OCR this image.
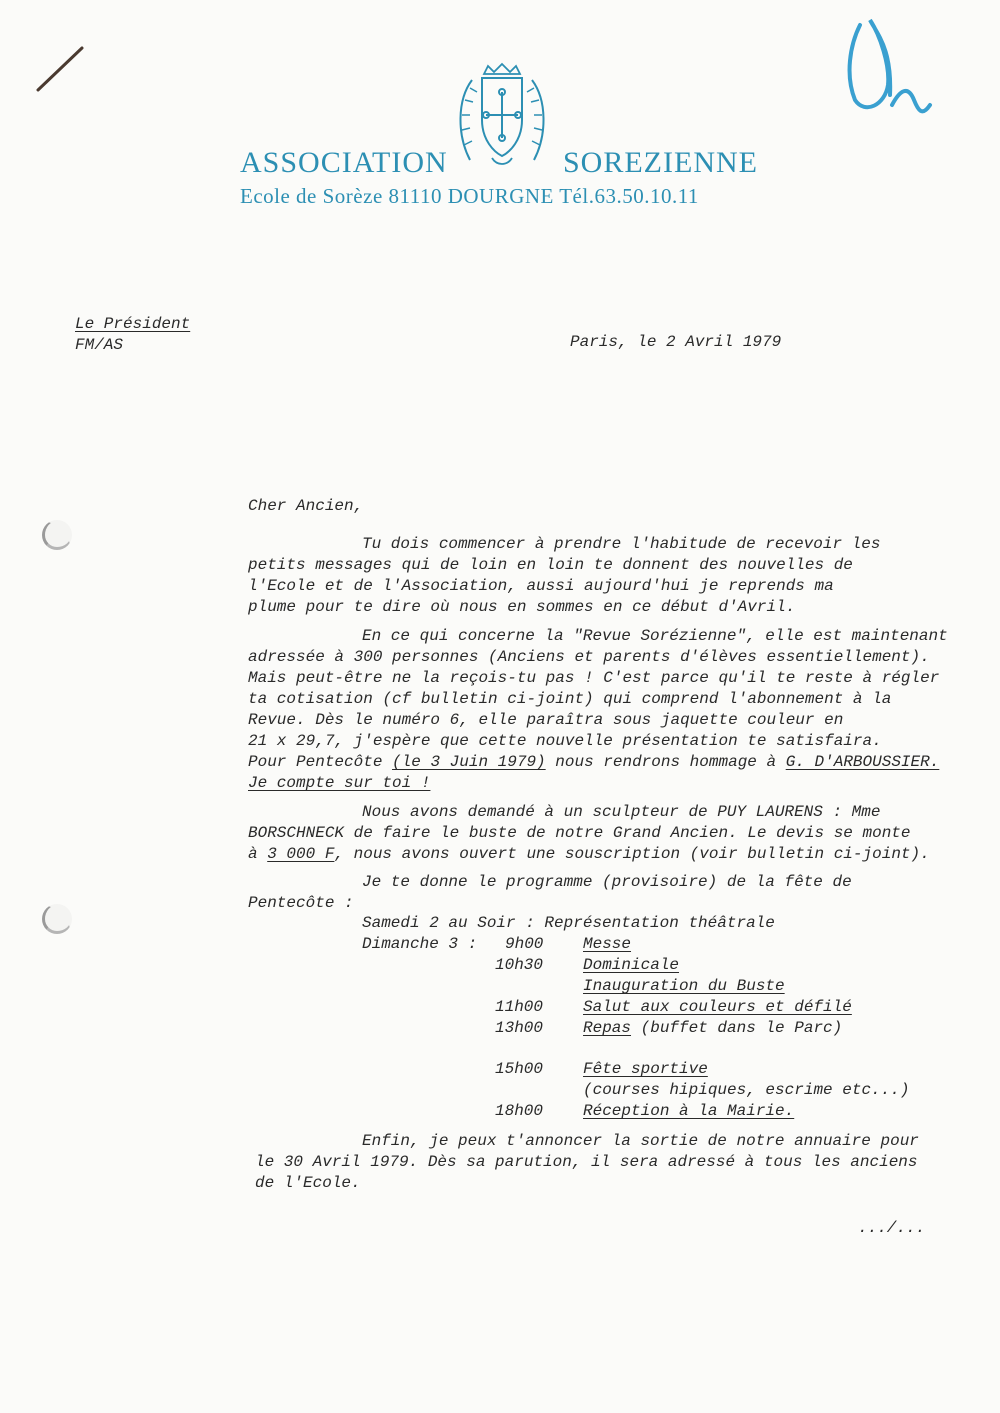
ASSOCIATION	SOREZIENNE
Ecole de Sorèze 81110 DOURGNE Tél.63.50.10.11
Le Président
FM/AS	Paris, le 2 Avril 1979
Cher Ancien,
Tu dois commencer à prendre l'habitude de recevoir les
petits messages qui de loin en loin te donnent des nouvelles de
l'Ecole et de l'Association, aussi aujourd'hui je reprends ma
plume pour te dire où nous en sommes en ce début d'Avril.
En ce qui concerne la "Revue Sorézienne", elle est maintenant
adressée à 300 personnes (Anciens et parents d'élèves essentiellement).
Mais peut-être ne la reçois-tu pas ! C'est parce qu'il te reste à régler
ta cotisation (cf bulletin ci-joint) qui comprend l'abonnement à la
Revue. Dès le numéro 6, elle paraîtra sous jaquette couleur en
21 x 29,7, j'espère que cette nouvelle présentation te satisfaira.
Pour Pentecôte (le 3 Juin 1979) nous rendrons hommage à G. D'ARBOUSSIER.
Je compte sur toi !
Nous avons demandé à un sculpteur de PUY LAURENS : Mme
BORSCHNECK de faire le buste de notre Grand Ancien. Le devis se monte
à 3 000 F, nous avons ouvert une souscription (voir bulletin ci-joint).
Je te donne le programme (provisoire) de la fête de
Pentecôte :
Samedi 2 au Soir : Représentation théâtrale
Dimanche 3 : 9h00 Messe
10h30 Dominicale
Inauguration du Buste
11h00 Salut aux couleurs et défilé
13h00 Repas (buffet dans le Parc)
15h00 Fête sportive
(courses hipiques, escrime etc...)
18h00 Réception à la Mairie.
Enfin, je peux t'annoncer la sortie de notre annuaire pour
le 30 Avril 1979. Dès sa parution, il sera adressé à tous les anciens
de l'Ecole.
.../...
